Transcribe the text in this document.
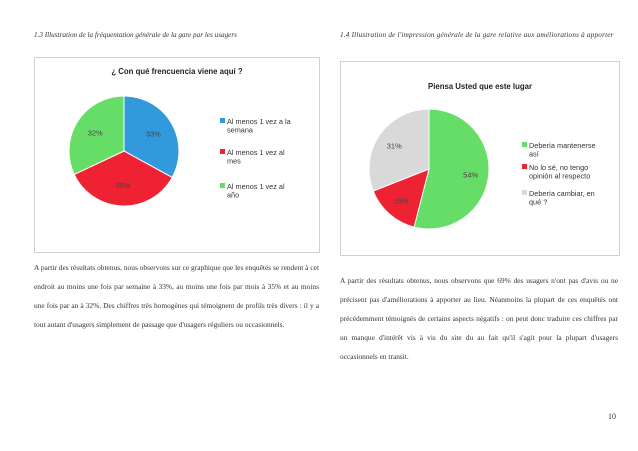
1.3 Illustration de la fréquentation générale de la gare par les usagers	1.4 Illustration de l'impression générale de la gare relative aux améliorations à apporter
¿ Con qué frencuencia viene aquí ?
33%
35%
32%
Al menos 1 vez a la semana
Al menos 1 vez al mes
Al menos 1 vez al año
Piensa Usted que este lugar
54%
15%
31%	Debería mantenerse así
No lo sé, no tengo opinión al respecto
Debería cambiar, en qué ?
A partir des résultats obtenus, nous observons sur ce graphique que les enquêtés se rendent à cet endroit au moins une fois par semaine à 33%, au moins une fois par mois à 35% et au moins une fois par an à 32%. Des chiffres très homogènes qui témoignent de profils très divers : il y a tout autant d'usagers simplement de passage que d'usagers réguliers ou occasionnels.
A partir des résultats obtenus, nous observons que 69% des usagers n'ont pas d'avis ou ne précisent pas d'améliorations à apporter au lieu. Néanmoins la plupart de ces enquêtés ont précédemment témoignés de certains aspects négatifs : on peut donc traduire ces chiffres par un manque d'intérêt vis à vis du site du au fait qu'il s'agit pour la plupart d'usagers occasionnels en transit.
10
